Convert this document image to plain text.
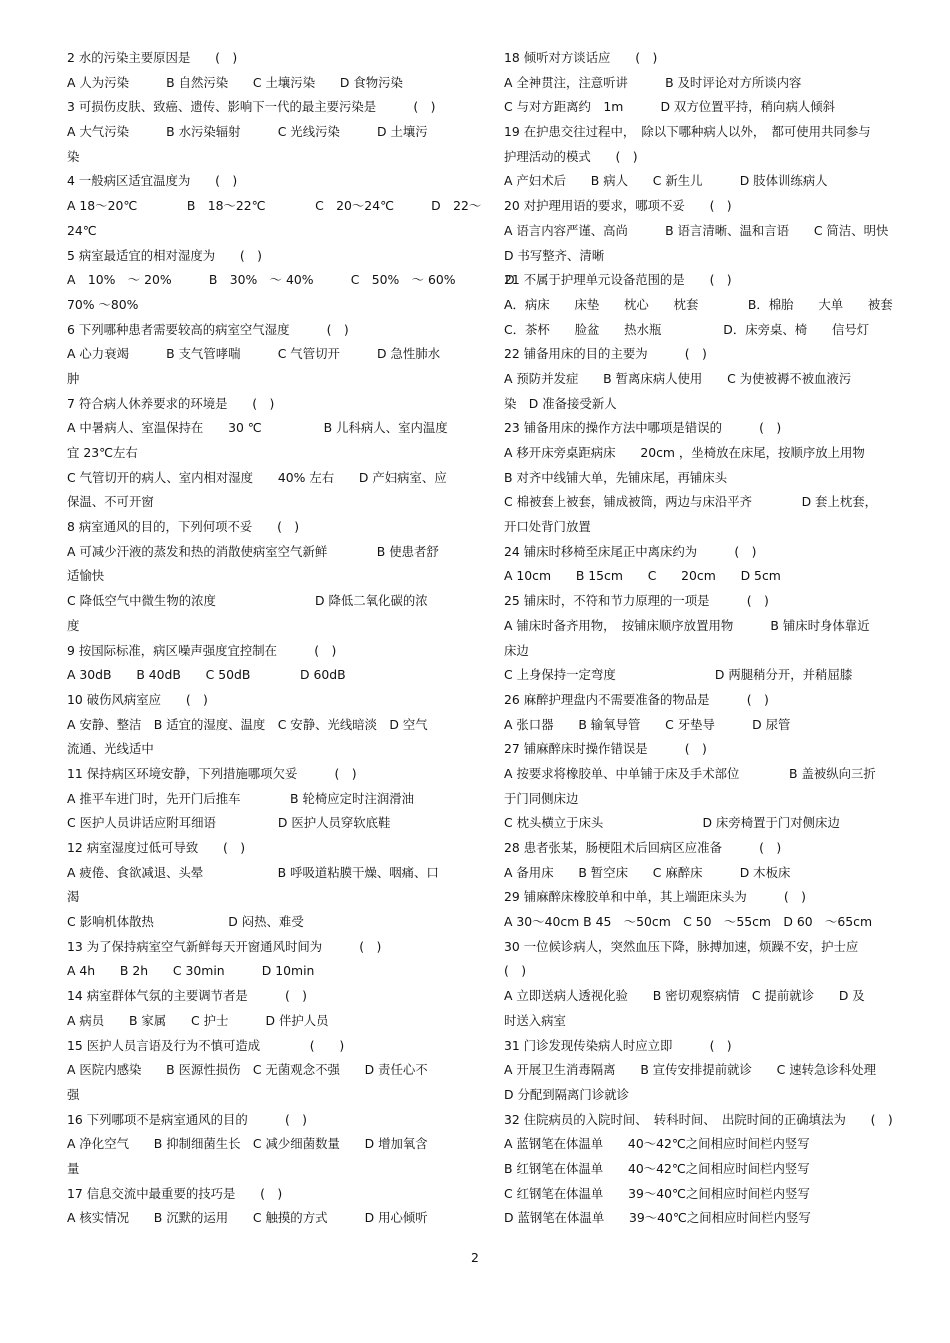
2 水的污染主要原因是　　(　)
A 人为污染　　　B 自然污染　　C 土壤污染　　D 食物污染
3 可损伤皮肤、致癌、遗传、影响下一代的最主要污染是　　　(　)
A 大气污染　　　B 水污染辐射　　　C 光线污染　　　D 土壤污
染
4 一般病区适宜温度为　　(　)
A 18～20℃　　　　B　18～22℃　　　　C　20～24℃　　　D　22～
24℃
5 病室最适宜的相对湿度为　　(　)
A　10%　～ 20%　　　B　30%　～ 40%　　　C　50%　～ 60%　　　　D
70% ～80%
6 下列哪种患者需要较高的病室空气湿度　　　(　)
A 心力衰竭　　　B 支气管哮喘　　　C 气管切开　　　D 急性肺水
肿
7 符合病人休养要求的环境是　　(　)
A 中暑病人、室温保持在　　30 ℃　　　　　B 儿科病人、室内温度
宜 23℃左右
C 气管切开的病人、室内相对湿度　　40% 左右　　D 产妇病室、应
保温、不可开窗
8 病室通风的目的，下列何项不妥　　(　)
A 可减少汗液的蒸发和热的消散使病室空气新鲜　　　　B 使患者舒
适愉快
C 降低空气中微生物的浓度　　　　　　　　D 降低二氧化碳的浓
度
9 按国际标准，病区噪声强度宜控制在　　　(　)
A 30dB　　B 40dB　　C 50dB　　　　D 60dB
10 破伤风病室应　　(　)
A 安静、整洁　B 适宜的湿度、温度　C 安静、光线暗淡　D 空气
流通、光线适中
11 保持病区环境安静，下列措施哪项欠妥　　　(　)
A 推平车进门时，先开门后推车　　　　B 轮椅应定时注润滑油
C 医护人员讲话应附耳细语　　　　　D 医护人员穿软底鞋
12 病室湿度过低可导致　　(　)
A 疲倦、食欲减退、头晕　　　　　　B 呼吸道粘膜干燥、咽痛、口
渴
C 影响机体散热　　　　　　D 闷热、难受
13 为了保持病室空气新鲜每天开窗通风时间为　　　(　)
A 4h　　B 2h　　C 30min　　　D 10min
14 病室群体气氛的主要调节者是　　　(　)
A 病员　　B 家属　　C 护士　　　D 伴护人员
15 医护人员言语及行为不慎可造成　　　　(　　)
A 医院内感染　　B 医源性损伤　C 无菌观念不强　　D 责任心不
强
16 下列哪项不是病室通风的目的　　　(　)
A 净化空气　　B 抑制细菌生长　C 减少细菌数量　　D 增加氧含
量
17 信息交流中最重要的技巧是　　(　)
A 核实情况　　B 沉默的运用　　C 触摸的方式　　　D 用心倾听
18 倾听对方谈话应　　(　)
A 全神贯注，注意听讲　　　B 及时评论对方所谈内容
C 与对方距离约　1m　　　D 双方位置平持，稍向病人倾斜
19 在护患交往过程中，　除以下哪种病人以外，　都可使用共同参与
护理活动的模式　　(　)
A 产妇术后　　B 病人　　C 新生儿　　　D 肢体训练病人
20 对护理用语的要求，哪项不妥　　(　)
A 语言内容严谨、高尚　　　B 语言清晰、温和言语　　C 简洁、明快
D 书写整齐、清晰
21 不属于护理单元设备范围的是　　(　)
A．病床　　床垫　　枕心　　枕套　　　　B．棉胎　　大单　　被套
C．茶杯　　脸盆　　热水瓶　　　　　D．床旁桌、椅　　信号灯
22 铺备用床的目的主要为　　　(　)
A 预防并发症　　B 暂离床病人使用　　C 为使被褥不被血液污
染　D 准备接受新人
23 铺备用床的操作方法中哪项是错误的　　　(　)
A 移开床旁桌距病床　　20cm ，坐椅放在床尾，按顺序放上用物
B 对齐中线铺大单，先铺床尾，再铺床头
C 棉被套上被套，铺成被筒，两边与床沿平齐　　　　D 套上枕套，
开口处背门放置
24 铺床时移椅至床尾正中离床约为　　　(　)
A 10cm　　B 15cm　　C　　20cm　　D 5cm
25 铺床时，不符和节力原理的一项是　　　(　)
A 铺床时备齐用物，　按铺床顺序放置用物　　　B 铺床时身体靠近
床边
C 上身保持一定弯度　　　　　　　　D 两腿稍分开，并稍屈膝
26 麻醉护理盘内不需要准备的物品是　　　(　)
A 张口器　　B 输氧导管　　C 牙垫导　　　D 尿管
27 铺麻醉床时操作错误是　　　(　)
A 按要求将橡胶单、中单铺于床及手术部位　　　　B 盖被纵向三折
于门同侧床边
C 枕头横立于床头　　　　　　　　D 床旁椅置于门对侧床边
28 患者张某，肠梗阻术后回病区应准备　　　(　)
A 备用床　　B 暂空床　　C 麻醉床　　　D 木板床
29 铺麻醉床橡胶单和中单，其上端距床头为　　　(　)
A 30～40cm B 45　～50cm　C 50　～55cm　D 60　～65cm
30 一位候诊病人，突然血压下降，脉搏加速，烦躁不安，护士应
(　)
A 立即送病人透视化验　　B 密切观察病情　C 提前就诊　　D 及
时送入病室
31 门诊发现传染病人时应立即　　　(　)
A 开展卫生消毒隔离　　B 宣传安排提前就诊　　C 速转急诊科处理
D 分配到隔离门诊就诊
32 住院病员的入院时间、　转科时间、　出院时间的正确填法为　　(　)
A 蓝钢笔在体温单　　40～42℃之间相应时间栏内竖写
B 红钢笔在体温单　　40～42℃之间相应时间栏内竖写
C 红钢笔在体温单　　39～40℃之间相应时间栏内竖写
D 蓝钢笔在体温单　　39～40℃之间相应时间栏内竖写
2
